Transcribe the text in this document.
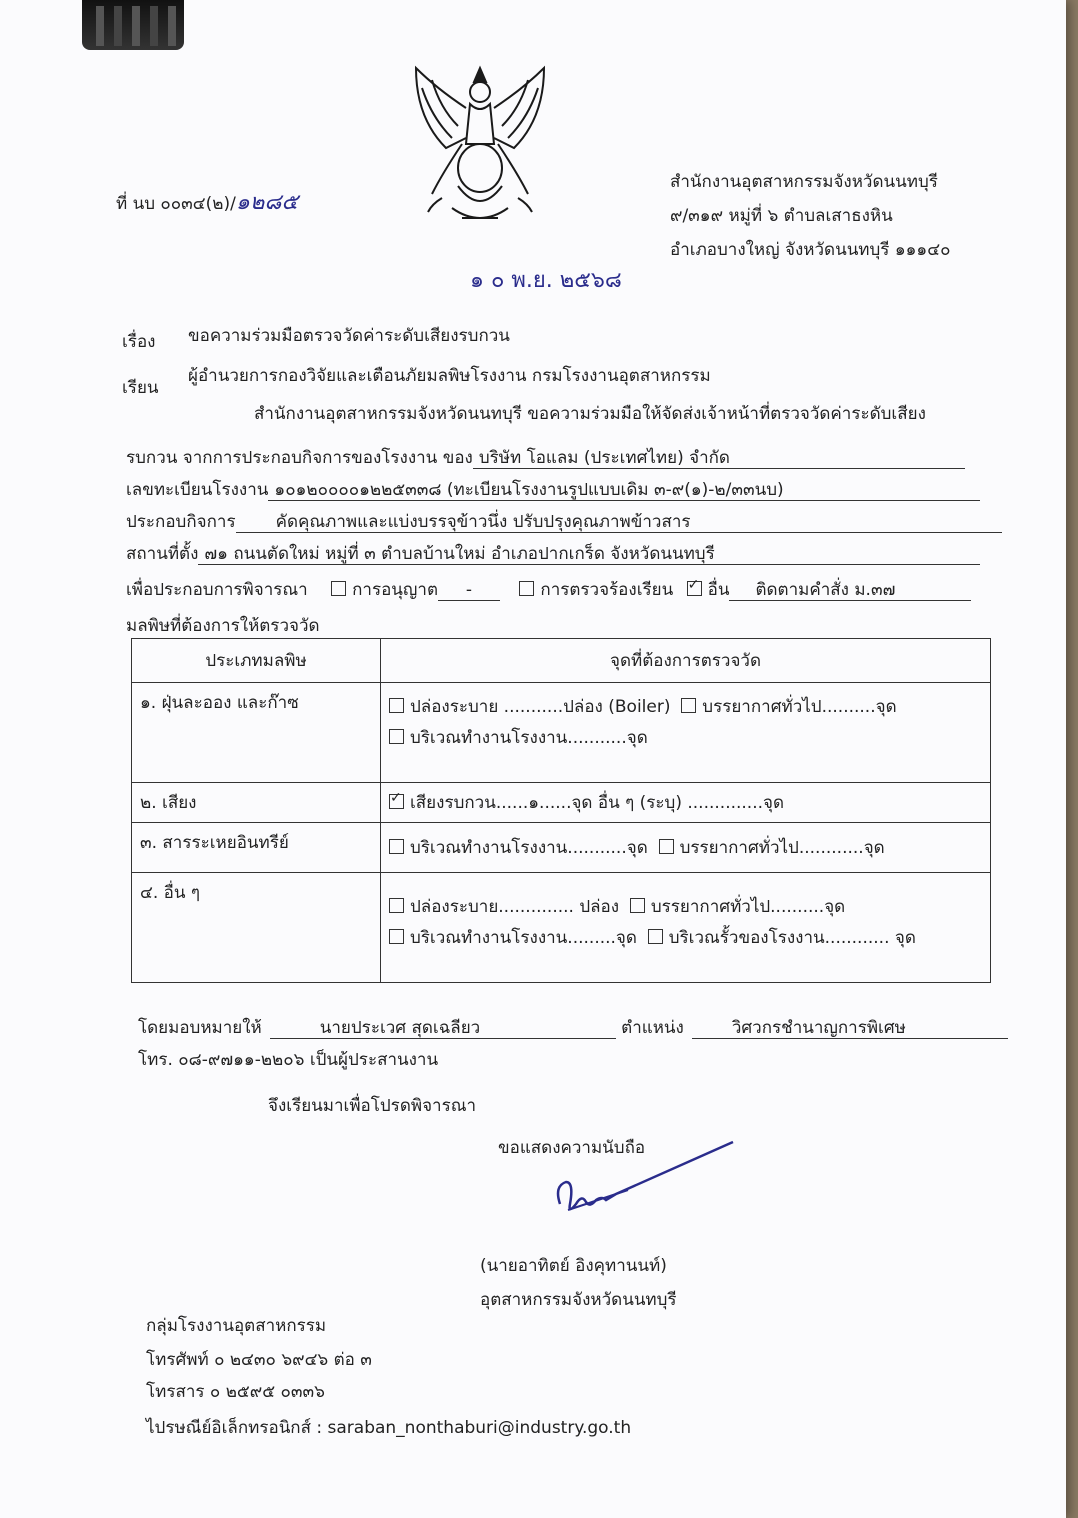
ที่ นบ ๐๐๓๔(๒)/๑๒๘๕
สำนักงานอุตสาหกรรมจังหวัดนนทบุรี
๙/๓๑๙ หมู่ที่ ๖ ตำบลเสาธงหิน
อำเภอบางใหญ่ จังหวัดนนทบุรี ๑๑๑๔๐
๑ ๐ พ.ย. ๒๕๖๘
เรื่อง ขอความร่วมมือตรวจวัดค่าระดับเสียงรบกวน
เรียน
ผู้อำนวยการกองวิจัยและเตือนภัยมลพิษโรงงาน กรมโรงงานอุตสาหกรรม
สำนักงานอุตสาหกรรมจังหวัดนนทบุรี ขอความร่วมมือให้จัดส่งเจ้าหน้าที่ตรวจวัดค่าระดับเสียง
รบกวน จากการประกอบกิจการของโรงงาน ของ บริษัท โอแลม (ประเทศไทย) จำกัด
เลขทะเบียนโรงงาน ๑๐๑๒๐๐๐๐๑๒๒๕๓๓๘ (ทะเบียนโรงงานรูปแบบเดิม ๓-๙(๑)-๒/๓๓นบ)
ประกอบกิจการ คัดคุณภาพและแบ่งบรรจุข้าวนึ่ง ปรับปรุงคุณภาพข้าวสาร
สถานที่ตั้ง ๗๑ ถนนตัดใหม่ หมู่ที่ ๓ ตำบลบ้านใหม่ อำเภอปากเกร็ด จังหวัดนนทบุรี
เพื่อประกอบการพิจารณา	การอนุญาต -	การตรวจร้องเรียน ✓ อื่น ติดตามคำสั่ง ม.๓๗
มลพิษที่ต้องการให้ตรวจวัด
ประเภทมลพิษ	จุดที่ต้องการตรวจวัด
๑. ฝุ่นละออง และก๊าซ	ปล่องระบาย ...........ปล่อง (Boiler) บรรยากาศทั่วไป..........จุด
บริเวณทำงานโรงงาน...........จุด

๒. เสียง	✓เสียงรบกวน......๑......จุด อื่น ๆ (ระบุ) ..............จุด
๓. สารระเหยอินทรีย์	บริเวณทำงานโรงงาน...........จุด บรรยากาศทั่วไป............จุด
๔. อื่น ๆ	ปล่องระบาย.............. ปล่อง บรรยากาศทั่วไป..........จุด
บริเวณทำงานโรงงาน.........จุด บริเวณรั้วของโรงงาน............ จุด
โดยมอบหมายให้	นายประเวศ สุดเฉลียว	ตำแหน่ง	วิศวกรชำนาญการพิเศษ
โทร. ๐๘-๙๗๑๑-๒๒๐๖ เป็นผู้ประสานงาน
จึงเรียนมาเพื่อโปรดพิจารณา
ขอแสดงความนับถือ
(นายอาทิตย์ อิงคุทานนท์)
อุตสาหกรรมจังหวัดนนทบุรี
กลุ่มโรงงานอุตสาหกรรม
โทรศัพท์ ๐ ๒๔๓๐ ๖๙๔๖ ต่อ ๓
โทรสาร ๐ ๒๕๙๕ ๐๓๓๖
ไปรษณีย์อิเล็กทรอนิกส์ : saraban_nonthaburi@industry.go.th
